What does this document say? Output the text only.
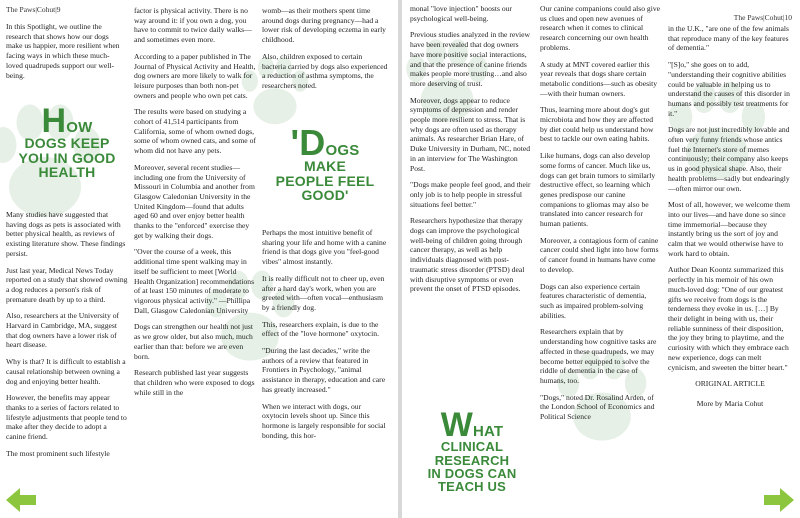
The Paws|Cohut|9

In this Spotlight, we outline the research that shows how our dogs make us happier, more resilient when facing ways in which these much-loved quadrupeds support our well-being.

HOW
DOGS KEEP
YOU IN GOOD
HEALTH

Many studies have suggested that having dogs as pets is associated with better physical health, as reviews of existing literature show. These findings persist.

Just last year, Medical News Today reported on a study that showed owning a dog reduces a person's risk of premature death by up to a third.

Also, researchers at the University of Harvard in Cambridge, MA, suggest that dog owners have a lower risk of heart disease.

Why is that? It is difficult to establish a causal relationship between owning a dog and enjoying better health.

However, the benefits may appear thanks to a series of factors related to lifestyle adjustments that people tend to make after they decide to adopt a canine friend.

The most prominent such lifestyle

factor is physical activity. There is no way around it: if you own a dog, you have to commit to twice daily walks—and sometimes even more.

According to a paper published in The Journal of Physical Activity and Health, dog owners are more likely to walk for leisure purposes than both non-pet owners and people who own pet cats.

The results were based on studying a cohort of 41,514 participants from California, some of whom owned dogs, some of whom owned cats, and some of whom did not have any pets.

Moreover, several recent studies—including one from the University of Missouri in Columbia and another from Glasgow Caledonian University in the United Kingdom—found that adults aged 60 and over enjoy better health thanks to the "enforced" exercise they get by walking their dogs.

"Over the course of a week, this additional time spent walking may in itself be sufficient to meet [World Health Organization] recommendations of at least 150 minutes of moderate to vigorous physical activity." —Phillipa Dall, Glasgow Caledonian University

Dogs can strengthen our health not just as we grow older, but also much, much earlier than that: before we are even born.

Research published last year suggests that children who were exposed to dogs while still in the

womb—as their mothers spent time around dogs during pregnancy—had a lower risk of developing eczema in early childhood.

Also, children exposed to certain bacteria carried by dogs also experienced a reduction of asthma symptoms, the researchers noted.

'DOGS
MAKE
PEOPLE FEEL
GOOD'

Perhaps the most intuitive benefit of sharing your life and home with a canine friend is that dogs give you "feel-good vibes" almost instantly.

It is really difficult not to cheer up, even after a hard day's work, when you are greeted with—often vocal—enthusiasm by a friendly dog.

This, researchers explain, is due to the effect of the "love hormone" oxytocin.

"During the last decades," write the authors of a review that featured in Frontiers in Psychology, "animal assistance in therapy, education and care has greatly increased."

When we interact with dogs, our oxytocin levels shoot up. Since this hormone is largely responsible for social bonding, this hor-

The Paws|Cohut|10

monal "love injection" boosts our psychological well-being.

Previous studies analyzed in the review have been revealed that dog owners have more positive social interactions, and that the presence of canine friends makes people more trusting…and also more deserving of trust.

Moreover, dogs appear to reduce symptoms of depression and render people more resilient to stress. That is why dogs are often used as therapy animals. As researcher Brian Hare, of Duke University in Durham, NC, noted in an interview for The Washington Post.

"Dogs make people feel good, and their only job is to help people in stressful situations feel better."

Researchers hypothesize that therapy dogs can improve the psychological well-being of children going through cancer therapy, as well as help individuals diagnosed with post-traumatic stress disorder (PTSD) deal with disruptive symptoms or even prevent the onset of PTSD episodes.

WHAT
CLINICAL
RESEARCH
IN DOGS CAN
TEACH US

Our canine companions could also give us clues and open new avenues of research when it comes to clinical research concerning our own health problems.

A study at MNT covered earlier this year reveals that dogs share certain metabolic conditions—such as obesity—with their human owners.

Thus, learning more about dog's gut microbiota and how they are affected by diet could help us understand how best to tackle our own eating habits.

Like humans, dogs can also develop some forms of cancer. Much like us, dogs can get brain tumors to similarly destructive effect, so learning which genes predispose our canine companions to gliomas may also be translated into cancer research for human patients.

Moreover, a contagious form of canine cancer could shed light into how forms of cancer found in humans have come to develop.

Dogs can also experience certain features characteristic of dementia, such as impaired problem-solving abilities.

Researchers explain that by understanding how cognitive tasks are affected in these quadrupeds, we may become better equipped to solve the riddle of dementia in the case of humans, too.

"Dogs," noted Dr. Rosalind Arden, of the London School of Economics and Political Science

in the U.K., "are one of the few animals that reproduce many of the key features of dementia."

"[S]o," she goes on to add, "understanding their cognitive abilities could be valuable in helping us to understand the causes of this disorder in humans and possibly test treatments for it."

Dogs are not just incredibly lovable and often very funny friends whose antics fuel the Internet's store of memes continuously; their company also keeps us in good physical shape. Also, their health problems—sadly but endearingly—often mirror our own.

Most of all, however, we welcome them into our lives—and have done so since time immemorial—because they instantly bring us the sort of joy and calm that we would otherwise have to work hard to obtain.

Author Dean Koontz summarized this perfectly in his memoir of his own much-loved dog: "One of our greatest gifts we receive from dogs is the tenderness they evoke in us. […] By their delight in being with us, their reliable sunniness of their disposition, the joy they bring to playtime, and the curiosity with which they embrace each new experience, dogs can melt cynicism, and sweeten the bitter heart."

ORIGINAL ARTICLE

More by Maria Cohut
